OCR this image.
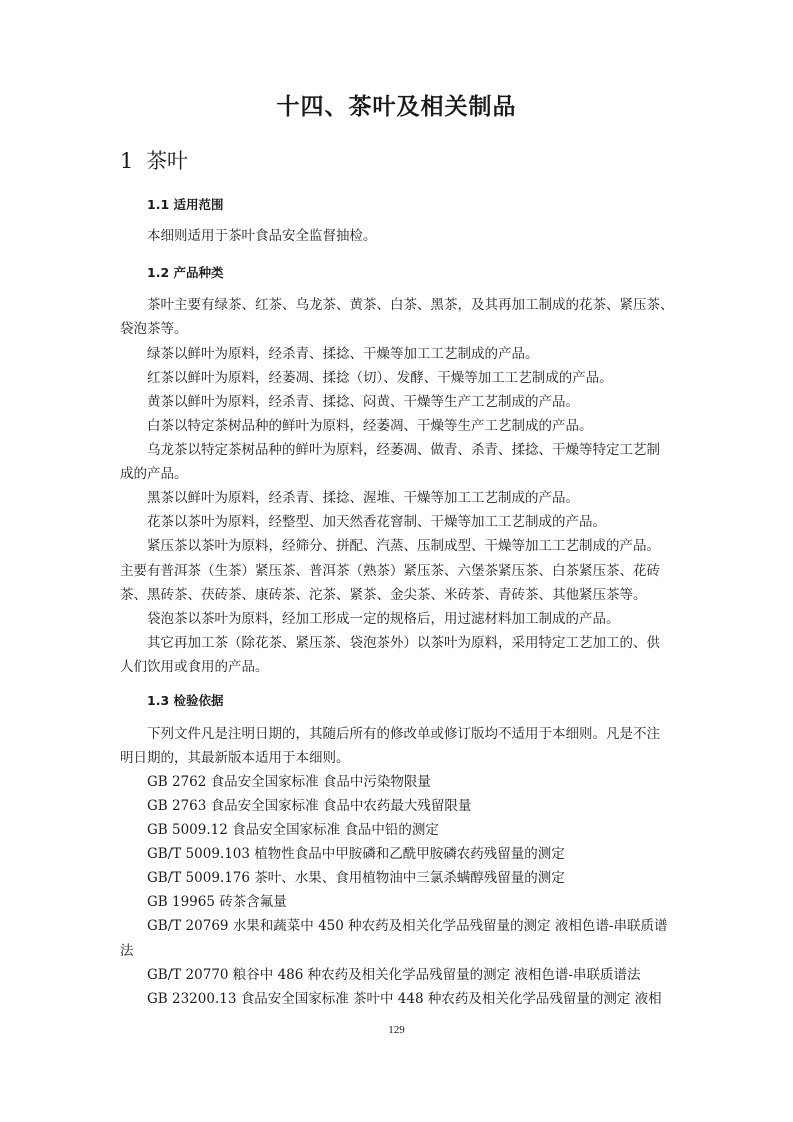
十四、茶叶及相关制品
1 茶叶
1.1 适用范围
本细则适用于茶叶食品安全监督抽检。
1.2 产品种类
茶叶主要有绿茶、红茶、乌龙茶、黄茶、白茶、黑茶，及其再加工制成的花茶、紧压茶、
袋泡茶等。
绿茶以鲜叶为原料，经杀青、揉捻、干燥等加工工艺制成的产品。
红茶以鲜叶为原料，经萎凋、揉捻（切）、发酵、干燥等加工工艺制成的产品。
黄茶以鲜叶为原料，经杀青、揉捻、闷黄、干燥等生产工艺制成的产品。
白茶以特定茶树品种的鲜叶为原料，经萎凋、干燥等生产工艺制成的产品。
乌龙茶以特定茶树品种的鲜叶为原料，经萎凋、做青、杀青、揉捻、干燥等特定工艺制
成的产品。
黑茶以鲜叶为原料，经杀青、揉捻、渥堆、干燥等加工工艺制成的产品。
花茶以茶叶为原料，经整型、加天然香花窨制、干燥等加工工艺制成的产品。
紧压茶以茶叶为原料，经筛分、拼配、汽蒸、压制成型、干燥等加工工艺制成的产品。
主要有普洱茶（生茶）紧压茶、普洱茶（熟茶）紧压茶、六堡茶紧压茶、白茶紧压茶、花砖
茶、黑砖茶、茯砖茶、康砖茶、沱茶、紧茶、金尖茶、米砖茶、青砖茶、其他紧压茶等。
袋泡茶以茶叶为原料，经加工形成一定的规格后，用过滤材料加工制成的产品。
其它再加工茶（除花茶、紧压茶、袋泡茶外）以茶叶为原料，采用特定工艺加工的、供
人们饮用或食用的产品。
1.3 检验依据
下列文件凡是注明日期的，其随后所有的修改单或修订版均不适用于本细则。凡是不注
明日期的，其最新版本适用于本细则。
GB 2762 食品安全国家标准 食品中污染物限量
GB 2763 食品安全国家标准 食品中农药最大残留限量
GB 5009.12 食品安全国家标准 食品中铅的测定
GB/T 5009.103 植物性食品中甲胺磷和乙酰甲胺磷农药残留量的测定
GB/T 5009.176 茶叶、水果、食用植物油中三氯杀螨醇残留量的测定
GB 19965 砖茶含氟量
GB/T 20769 水果和蔬菜中 450 种农药及相关化学品残留量的测定 液相色谱-串联质谱
法
GB/T 20770 粮谷中 486 种农药及相关化学品残留量的测定 液相色谱-串联质谱法
GB 23200.13 食品安全国家标准 茶叶中 448 种农药及相关化学品残留量的测定 液相
129
